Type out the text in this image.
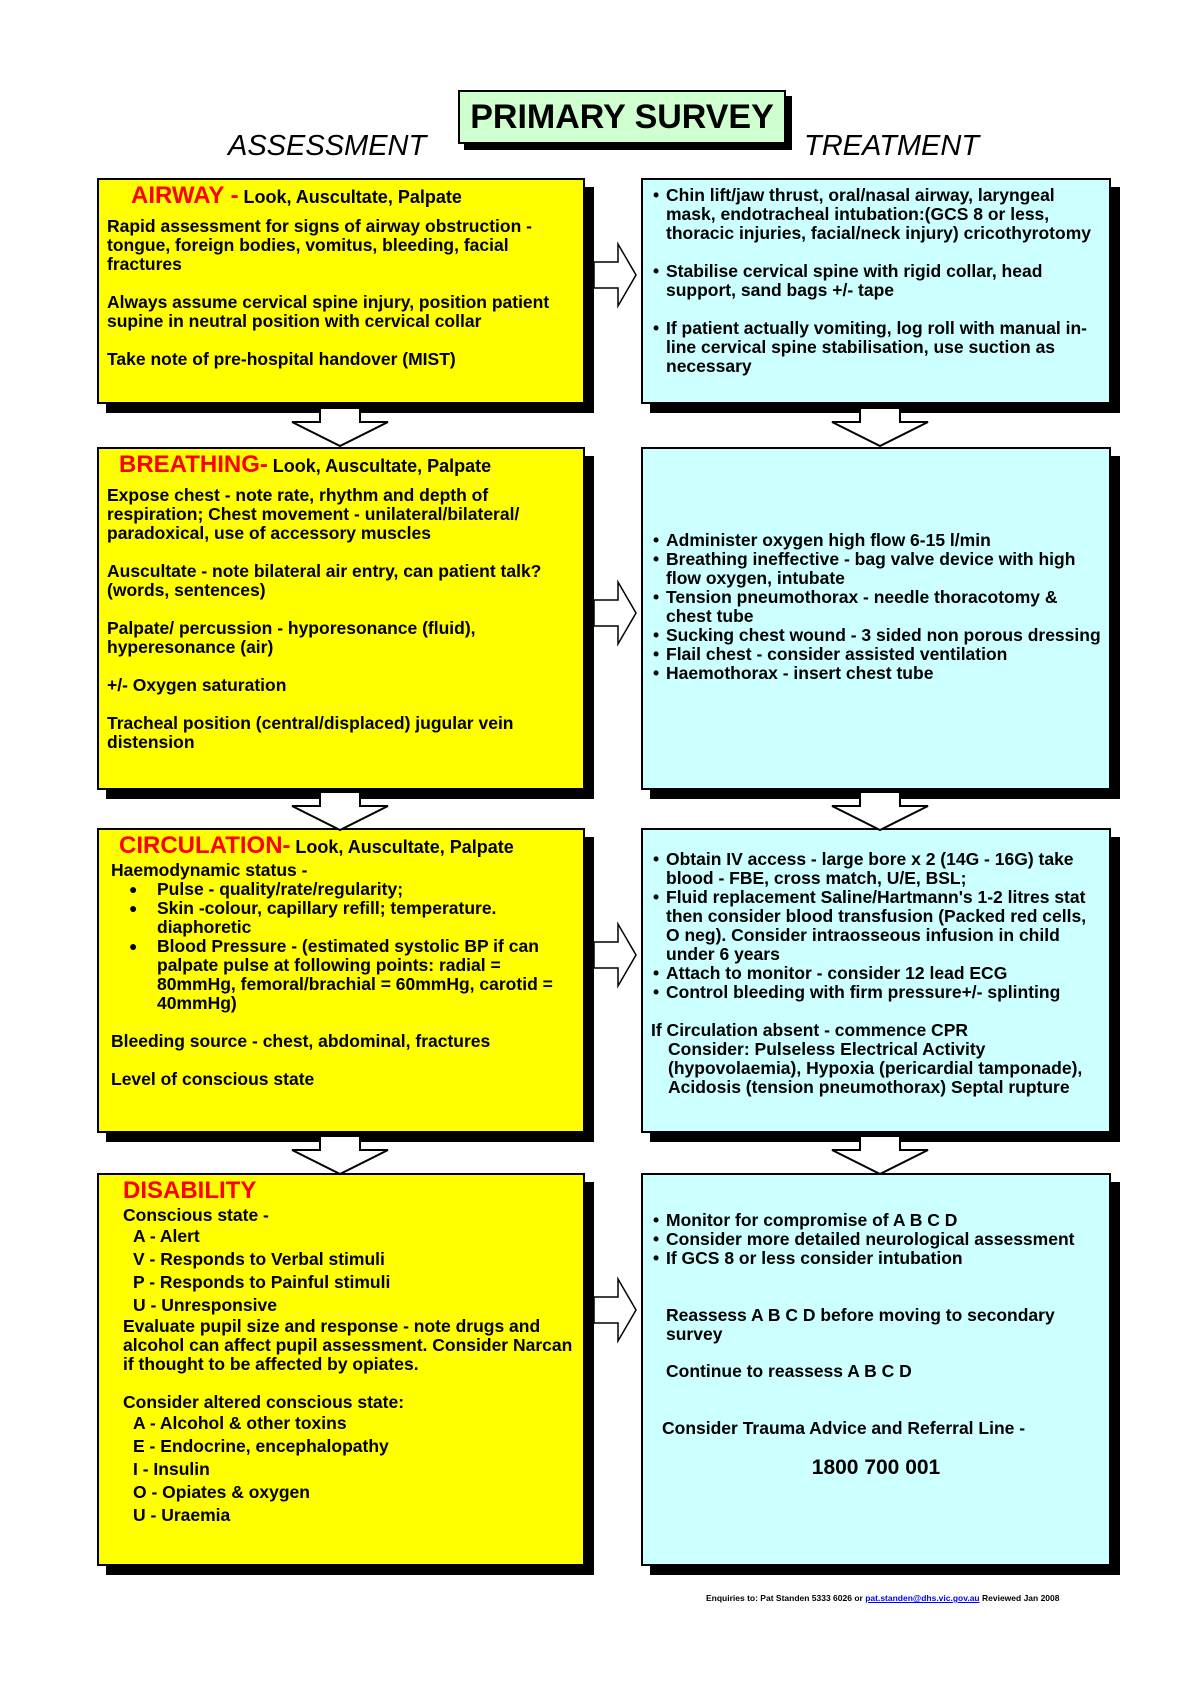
PRIMARY SURVEY
ASSESSMENT	TREATMENT
AIRWAY - Look, Auscultate, Palpate

Rapid assessment for signs of airway obstruction - tongue, foreign bodies, vomitus, bleeding, facial fractures

Always assume cervical spine injury, position patient supine in neutral position with cervical collar

Take note of pre-hospital handover (MIST)

• Chin lift/jaw thrust, oral/nasal airway, laryngeal mask, endotracheal intubation:(GCS 8 or less, thoracic injuries, facial/neck injury) cricothyrotomy
• Stabilise cervical spine with rigid collar, head support, sand bags +/- tape
• If patient actually vomiting, log roll with manual in-line cervical spine stabilisation, use suction as necessary
BREATHING- Look, Auscultate, Palpate

Expose chest - note rate, rhythm and depth of respiration; Chest movement - unilateral/bilateral/ paradoxical, use of accessory muscles

Auscultate - note bilateral air entry, can patient talk? (words, sentences)

Palpate/ percussion - hyporesonance (fluid), hyperesonance (air)

+/- Oxygen saturation

Tracheal position (central/displaced) jugular vein distension

• Administer oxygen high flow 6-15 l/min
• Breathing ineffective - bag valve device with high flow oxygen, intubate
• Tension pneumothorax - needle thoracotomy & chest tube
• Sucking chest wound - 3 sided non porous dressing
• Flail chest - consider assisted ventilation
• Haemothorax - insert chest tube
CIRCULATION- Look, Auscultate, Palpate

Haemodynamic status -

● Pulse - quality/rate/regularity;
● Skin -colour, capillary refill; temperature. diaphoretic
● Blood Pressure - (estimated systolic BP if can palpate pulse at following points: radial = 80mmHg, femoral/brachial = 60mmHg, carotid = 40mmHg)

Bleeding source - chest, abdominal, fractures

Level of conscious state

• Obtain IV access - large bore x 2 (14G - 16G) take blood - FBE, cross match, U/E, BSL;
• Fluid replacement Saline/Hartmann's 1-2 litres stat then consider blood transfusion (Packed red cells, O neg). Consider intraosseous infusion in child under 6 years
• Attach to monitor - consider 12 lead ECG
• Control bleeding with firm pressure+/- splinting

If Circulation absent - commence CPR

Consider: Pulseless Electrical Activity (hypovolaemia), Hypoxia (pericardial tamponade), Acidosis (tension pneumothorax) Septal rupture

DISABILITY

Conscious state -

A - Alert

V - Responds to Verbal stimuli

P - Responds to Painful stimuli

U - Unresponsive

Evaluate pupil size and response - note drugs and alcohol can affect pupil assessment. Consider Narcan if thought to be affected by opiates.

Consider altered conscious state:

A - Alcohol & other toxins

E - Endocrine, encephalopathy

I - Insulin

O - Opiates & oxygen

U - Uraemia

• Monitor for compromise of A B C D
• Consider more detailed neurological assessment
• If GCS 8 or less consider intubation

Reassess A B C D before moving to secondary survey

Continue to reassess A B C D

Consider Trauma Advice and Referral Line -

1800 700 001

Enquiries to: Pat Standen 5333 6026 or pat.standen@dhs.vic.gov.au Reviewed Jan 2008
